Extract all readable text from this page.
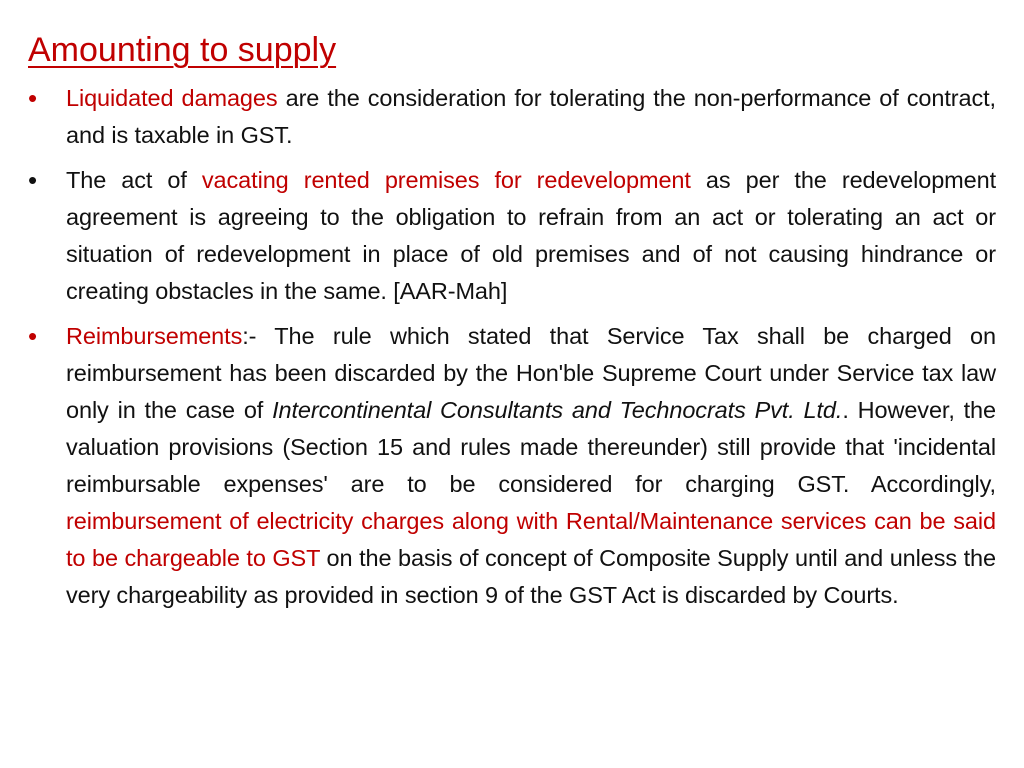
Amounting to supply
• Liquidated damages are the consideration for tolerating the non-performance of contract, and is taxable in GST.

• The act of vacating rented premises for redevelopment as per the redevelopment agreement is agreeing to the obligation to refrain from an act or tolerating an act or situation of redevelopment in place of old premises and of not causing hindrance or creating obstacles in the same. [AAR-Mah]

• Reimbursements:- The rule which stated that Service Tax shall be charged on reimbursement has been discarded by the Hon'ble Supreme Court under Service tax law only in the case of Intercontinental Consultants and Technocrats Pvt. Ltd.. However, the valuation provisions (Section 15 and rules made thereunder) still provide that 'incidental reimbursable expenses' are to be considered for charging GST. Accordingly, reimbursement of electricity charges along with Rental/Maintenance services can be said to be chargeable to GST on the basis of concept of Composite Supply until and unless the very chargeability as provided in section 9 of the GST Act is discarded by Courts.
